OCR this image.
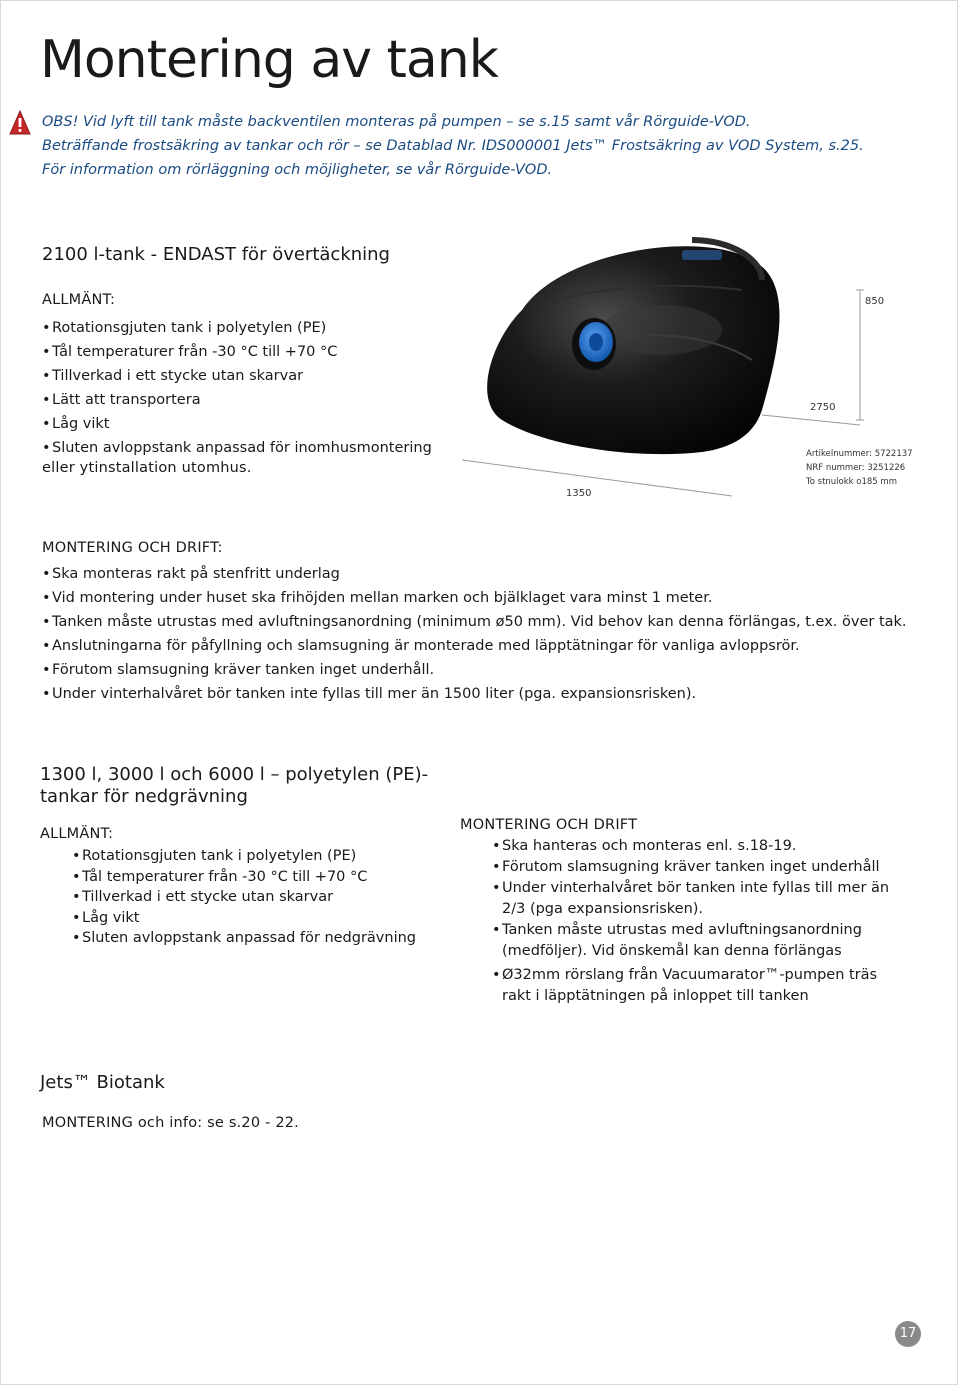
Montering av tank
OBS! Vid lyft till tank måste backventilen monteras på pumpen – se s.15 samt vår Rörguide-VOD.
Beträffande frostsäkring av tankar och rör – se Datablad Nr. IDS000001 Jets™ Frostsäkring av VOD System, s.25.
För information om rörläggning och möjligheter, se vår Rörguide-VOD.
2100 l-tank - ENDAST för övertäckning
ALLMÄNT:
• Rotationsgjuten tank i polyetylen (PE)
• Tål temperaturer från -30 °C till +70 °C
• Tillverkad i ett stycke utan skarvar
• Lätt att transportera
• Låg vikt
• Sluten avloppstank anpassad för inomhusmontering
eller ytinstallation utomhus.
850
2750
1350
Artikelnummer: 5722137
NRF nummer: 3251226
To stnulokk o185 mm
MONTERING OCH DRIFT:
• Ska monteras rakt på stenfritt underlag
• Vid montering under huset ska frihöjden mellan marken och bjälklaget vara minst 1 meter.
• Tanken måste utrustas med avluftningsanordning (minimum ø50 mm). Vid behov kan denna förlängas, t.ex. över tak.
• Anslutningarna för påfyllning och slamsugning är monterade med läpptätningar för vanliga avloppsrör.
• Förutom slamsugning kräver tanken inget underhåll.
• Under vinterhalvåret bör tanken inte fyllas till mer än 1500 liter (pga. expansionsrisken).
1300 l, 3000 l och 6000 l – polyetylen (PE)-
tankar för nedgrävning
ALLMÄNT:
• Rotationsgjuten tank i polyetylen (PE)
• Tål temperaturer från -30 °C till +70 °C
• Tillverkad i ett stycke utan skarvar
• Låg vikt
• Sluten avloppstank anpassad för nedgrävning
MONTERING OCH DRIFT
• Ska hanteras och monteras enl. s.18-19.
• Förutom slamsugning kräver tanken inget underhåll
• Under vinterhalvåret bör tanken inte fyllas till mer än
2/3 (pga expansionsrisken).
• Tanken måste utrustas med avluftningsanordning
(medföljer). Vid önskemål kan denna förlängas
• Ø32mm rörslang från Vacuumarator™-pumpen träs
rakt i läpptätningen på inloppet till tanken
Jets™ Biotank
MONTERING och info: se s.20 - 22.
17
